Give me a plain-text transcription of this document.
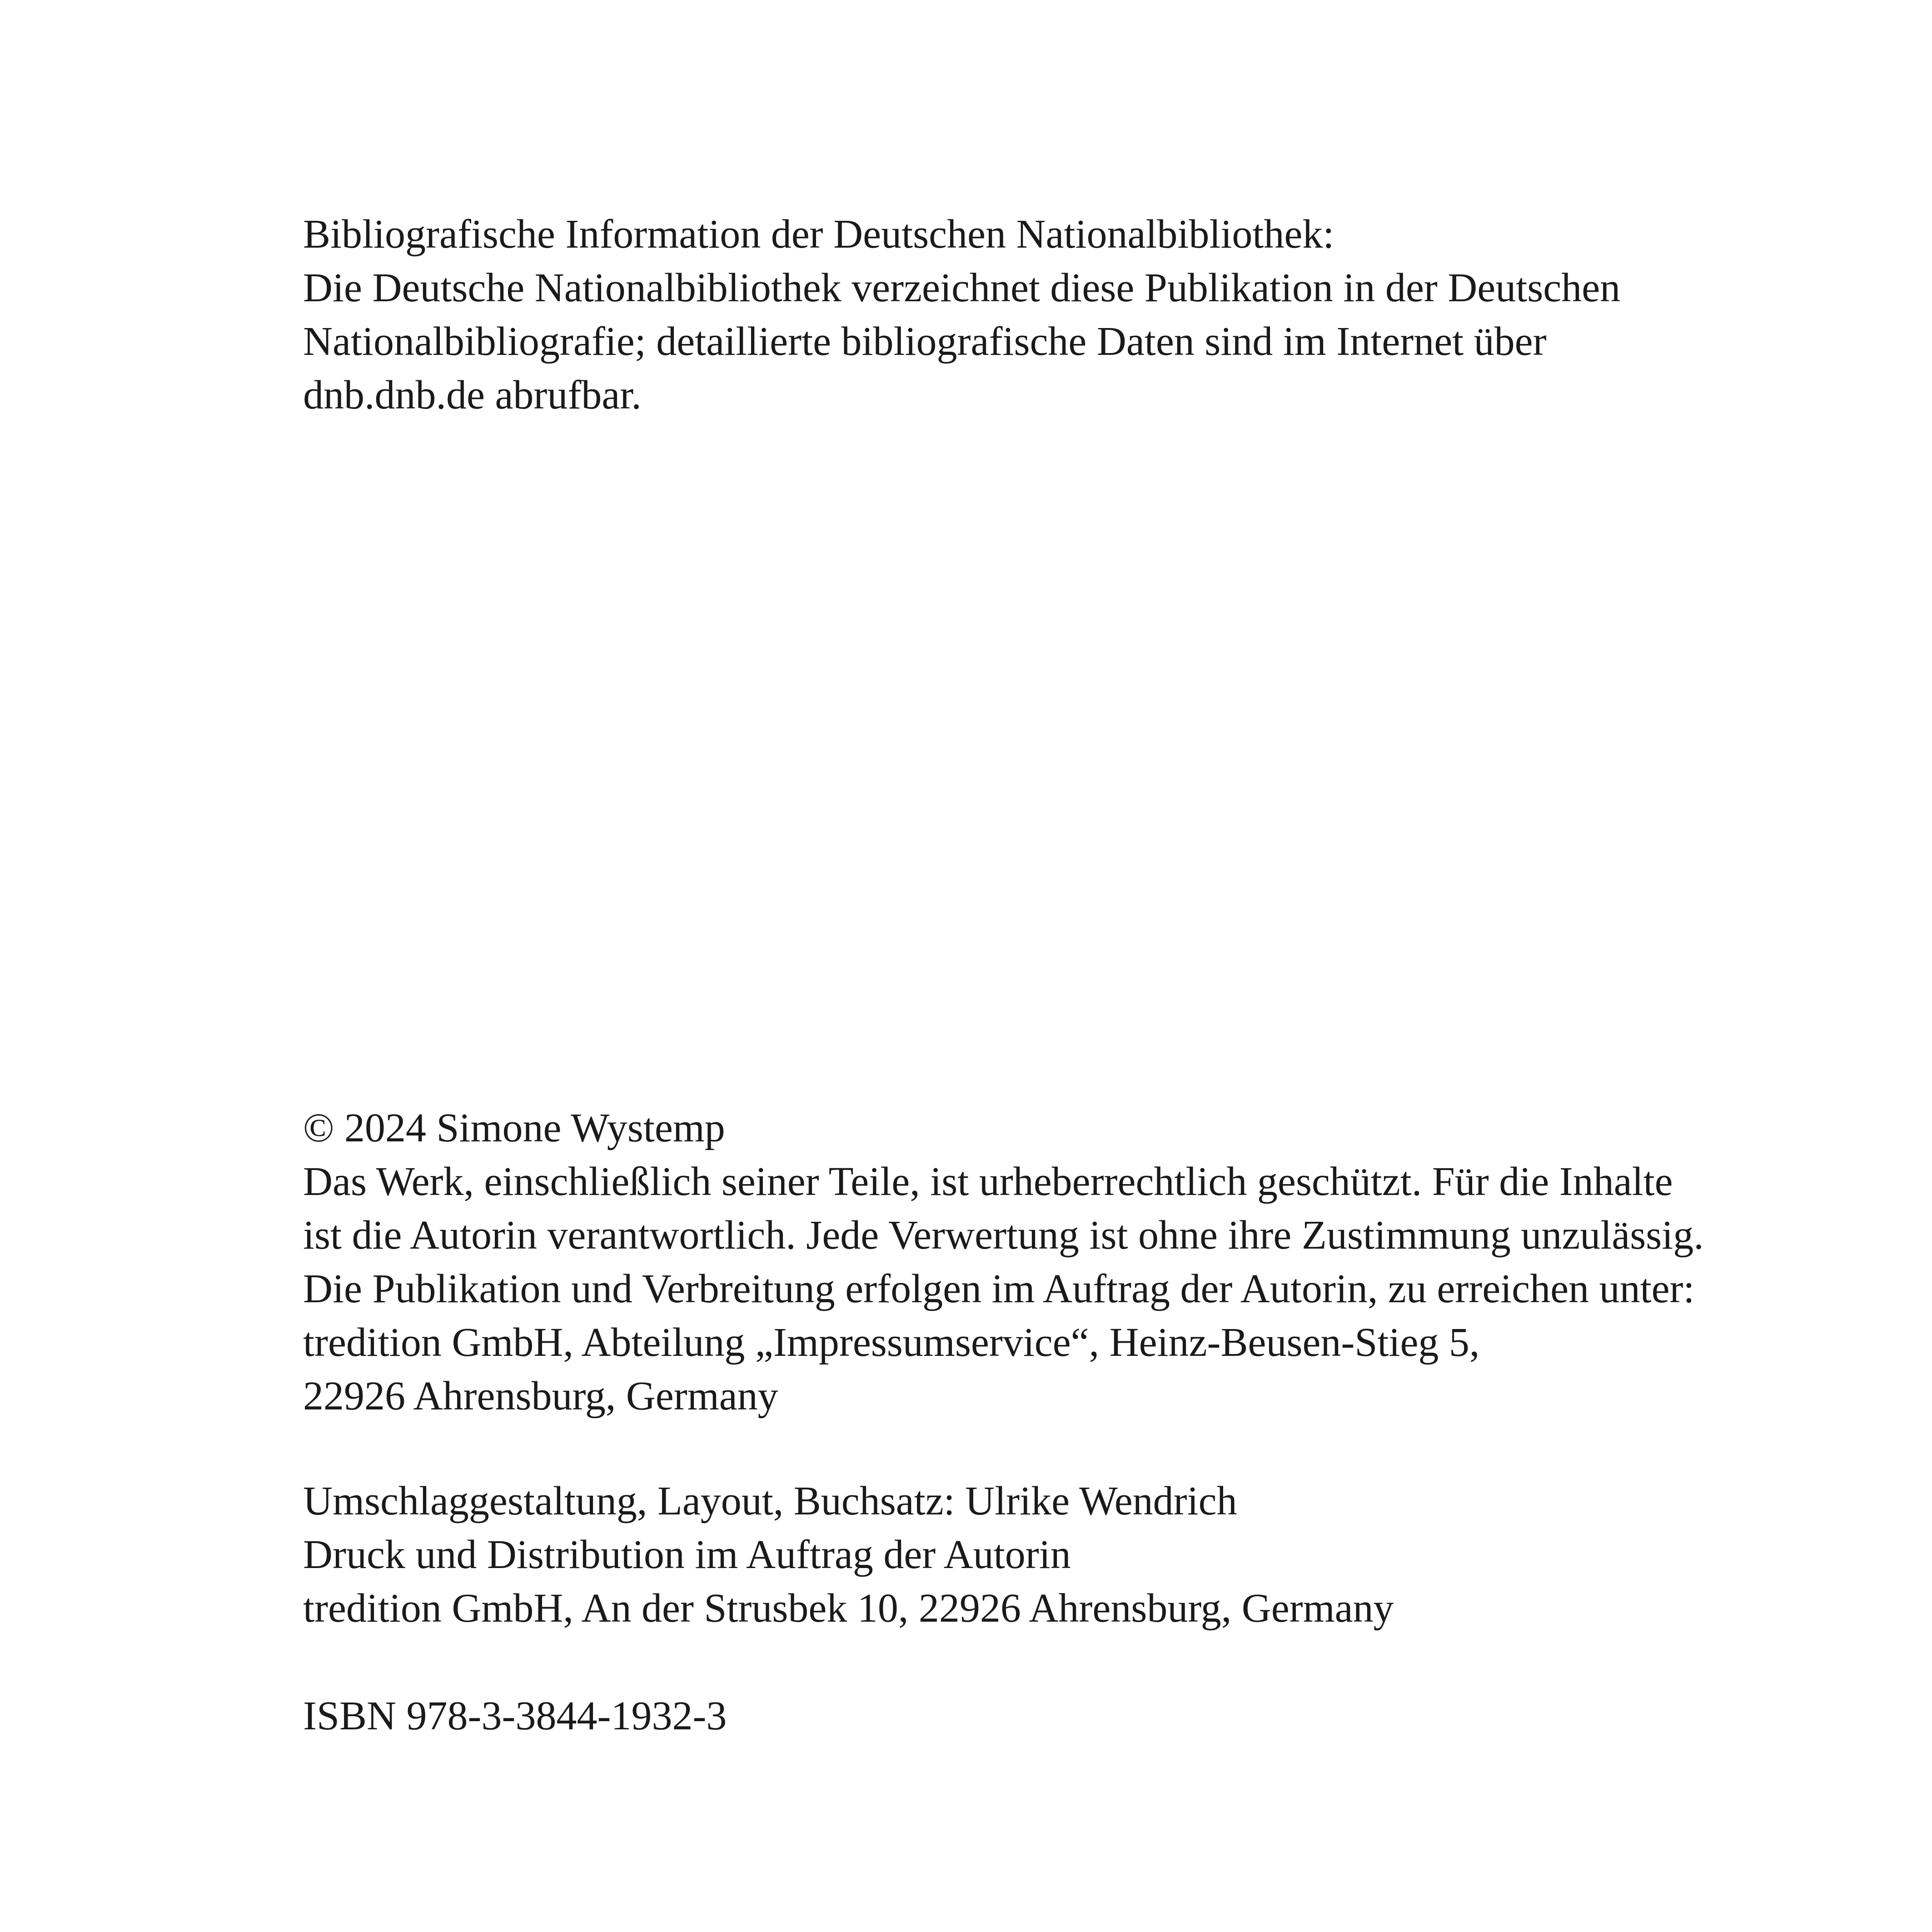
Bibliografische Information der Deutschen Nationalbibliothek:
Die Deutsche Nationalbibliothek verzeichnet diese Publikation in der Deutschen
Nationalbibliografie; detaillierte bibliografische Daten sind im Internet über
dnb.dnb.de abrufbar.
© 2024 Simone Wystemp
Das Werk, einschließlich seiner Teile, ist urheberrechtlich geschützt. Für die Inhalte
ist die Autorin verantwortlich. Jede Verwertung ist ohne ihre Zustimmung unzulässig.
Die Publikation und Verbreitung erfolgen im Auftrag der Autorin, zu erreichen unter:
tredition GmbH, Abteilung „Impressumservice“, Heinz-Beusen-Stieg 5,
22926 Ahrensburg, Germany
Umschlaggestaltung, Layout, Buchsatz: Ulrike Wendrich
Druck und Distribution im Auftrag der Autorin
tredition GmbH, An der Strusbek 10, 22926 Ahrensburg, Germany
ISBN 978-3-3844-1932-3
